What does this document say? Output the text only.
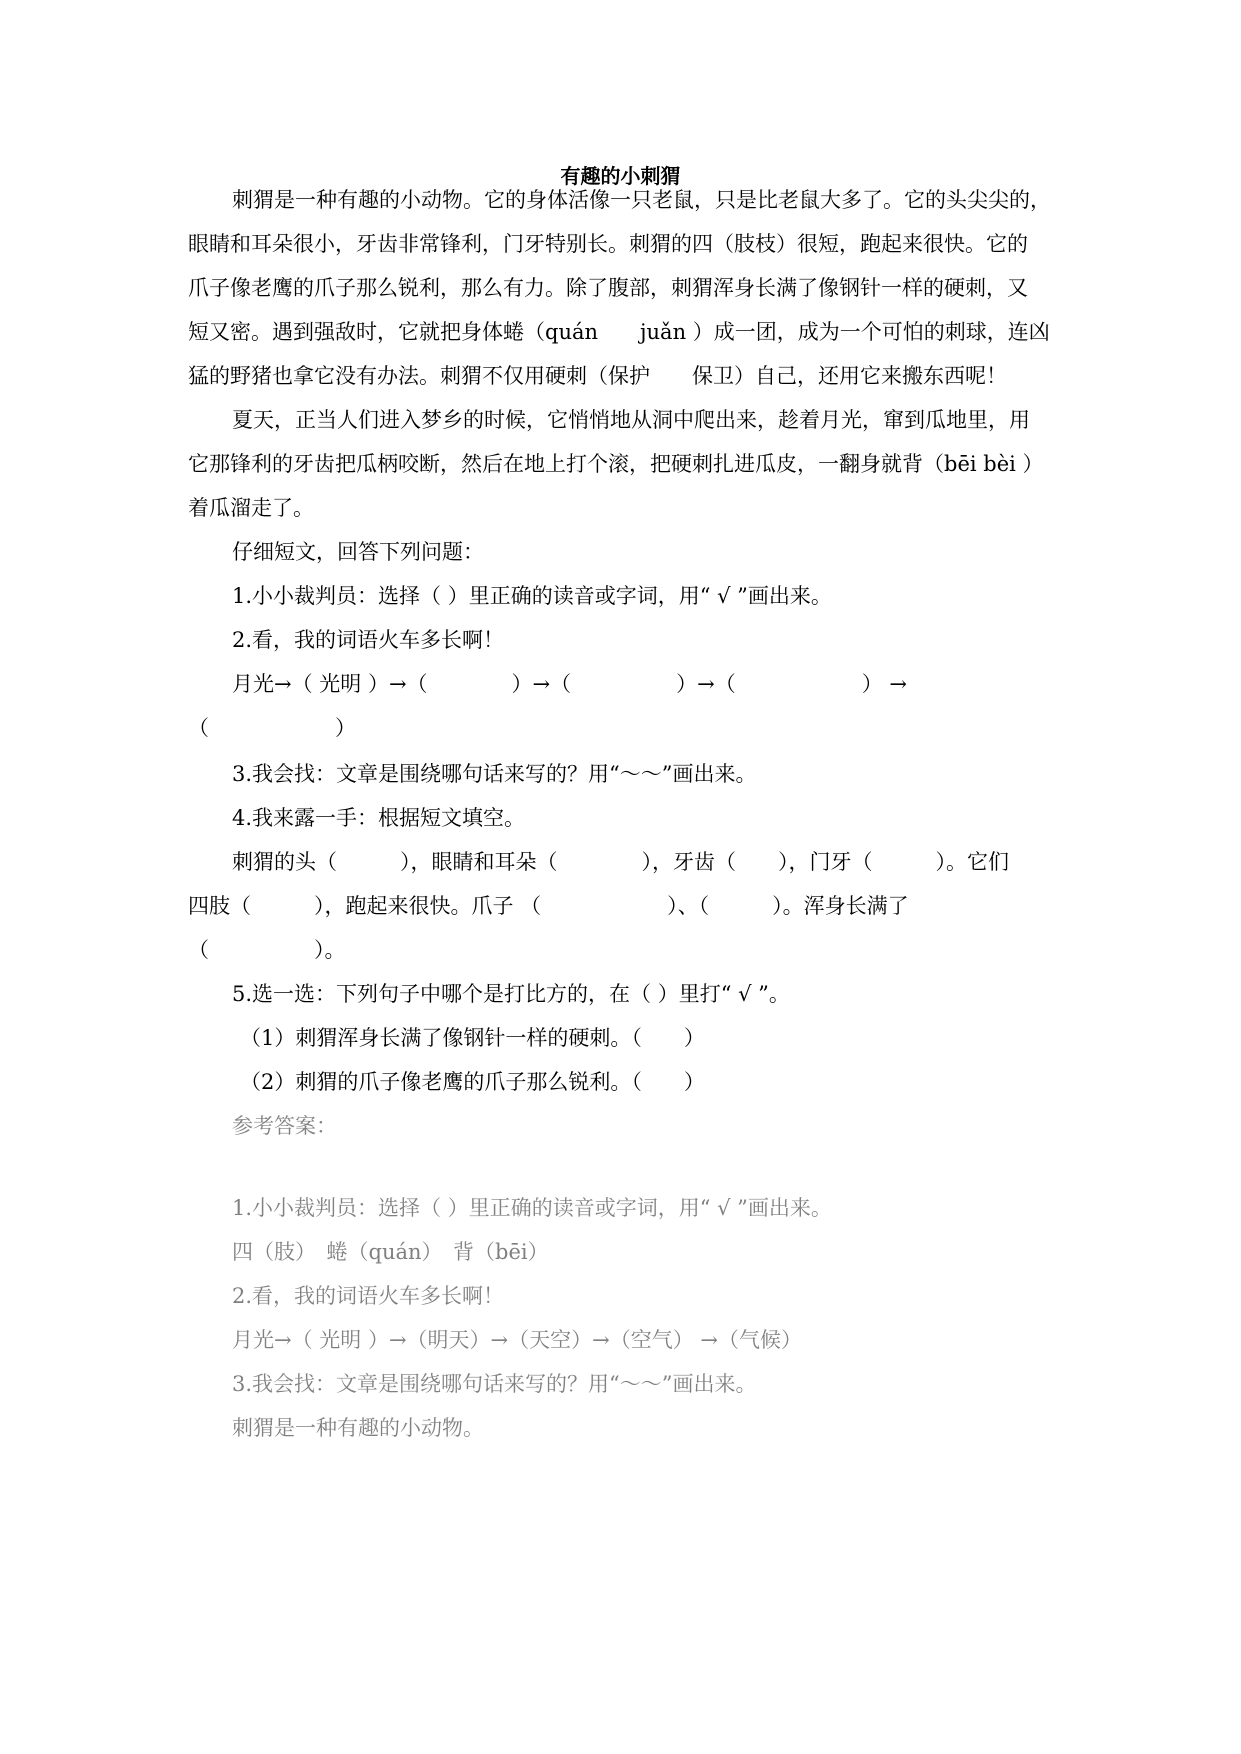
有趣的小刺猬
刺猬是一种有趣的小动物。它的身体活像一只老鼠，只是比老鼠大多了。它的头尖尖的，
眼睛和耳朵很小，牙齿非常锋利，门牙特别长。刺猬的四（肢枝）很短，跑起来很快。它的
爪子像老鹰的爪子那么锐利，那么有力。除了腹部，刺猬浑身长满了像钢针一样的硬刺，又
短又密。遇到强敌时，它就把身体蜷（quán　　juǎn ）成一团，成为一个可怕的刺球，连凶
猛的野猪也拿它没有办法。刺猬不仅用硬刺（保护　　保卫）自己，还用它来搬东西呢！
夏天，正当人们进入梦乡的时候，它悄悄地从洞中爬出来，趁着月光，窜到瓜地里，用
它那锋利的牙齿把瓜柄咬断，然后在地上打个滚，把硬刺扎进瓜皮，一翻身就背（bēi bèi ）
着瓜溜走了。
仔细短文，回答下列问题：
1.小小裁判员：选择（ ）里正确的读音或字词，用“ √ ”画出来。
2.看，我的词语火车多长啊！
月光→（ 光明 ）→（　　　　）→（　　　　　）→（　　　　　　） →
（　　　　　　）
3.我会找：文章是围绕哪句话来写的？用“～～”画出来。
4.我来露一手：根据短文填空。
刺猬的头（　　　），眼睛和耳朵（　　　　），牙齿（　　），门牙（　　　）。它们
四肢（　　　），跑起来很快。爪子 （　　　　　　）、（　　　）。浑身长满了
（　　　　　）。
5.选一选：下列句子中哪个是打比方的，在（ ）里打“ √ ”。
（1）刺猬浑身长满了像钢针一样的硬刺。（　　）
（2）刺猬的爪子像老鹰的爪子那么锐利。（　　）
参考答案：
1.小小裁判员：选择（ ）里正确的读音或字词，用“ √ ”画出来。
四（肢）　蜷（quán）　背（bēi）
2.看，我的词语火车多长啊！
月光→（ 光明 ）→（明天）→（天空）→（空气） →（气候）
3.我会找：文章是围绕哪句话来写的？用“～～”画出来。
刺猬是一种有趣的小动物。
